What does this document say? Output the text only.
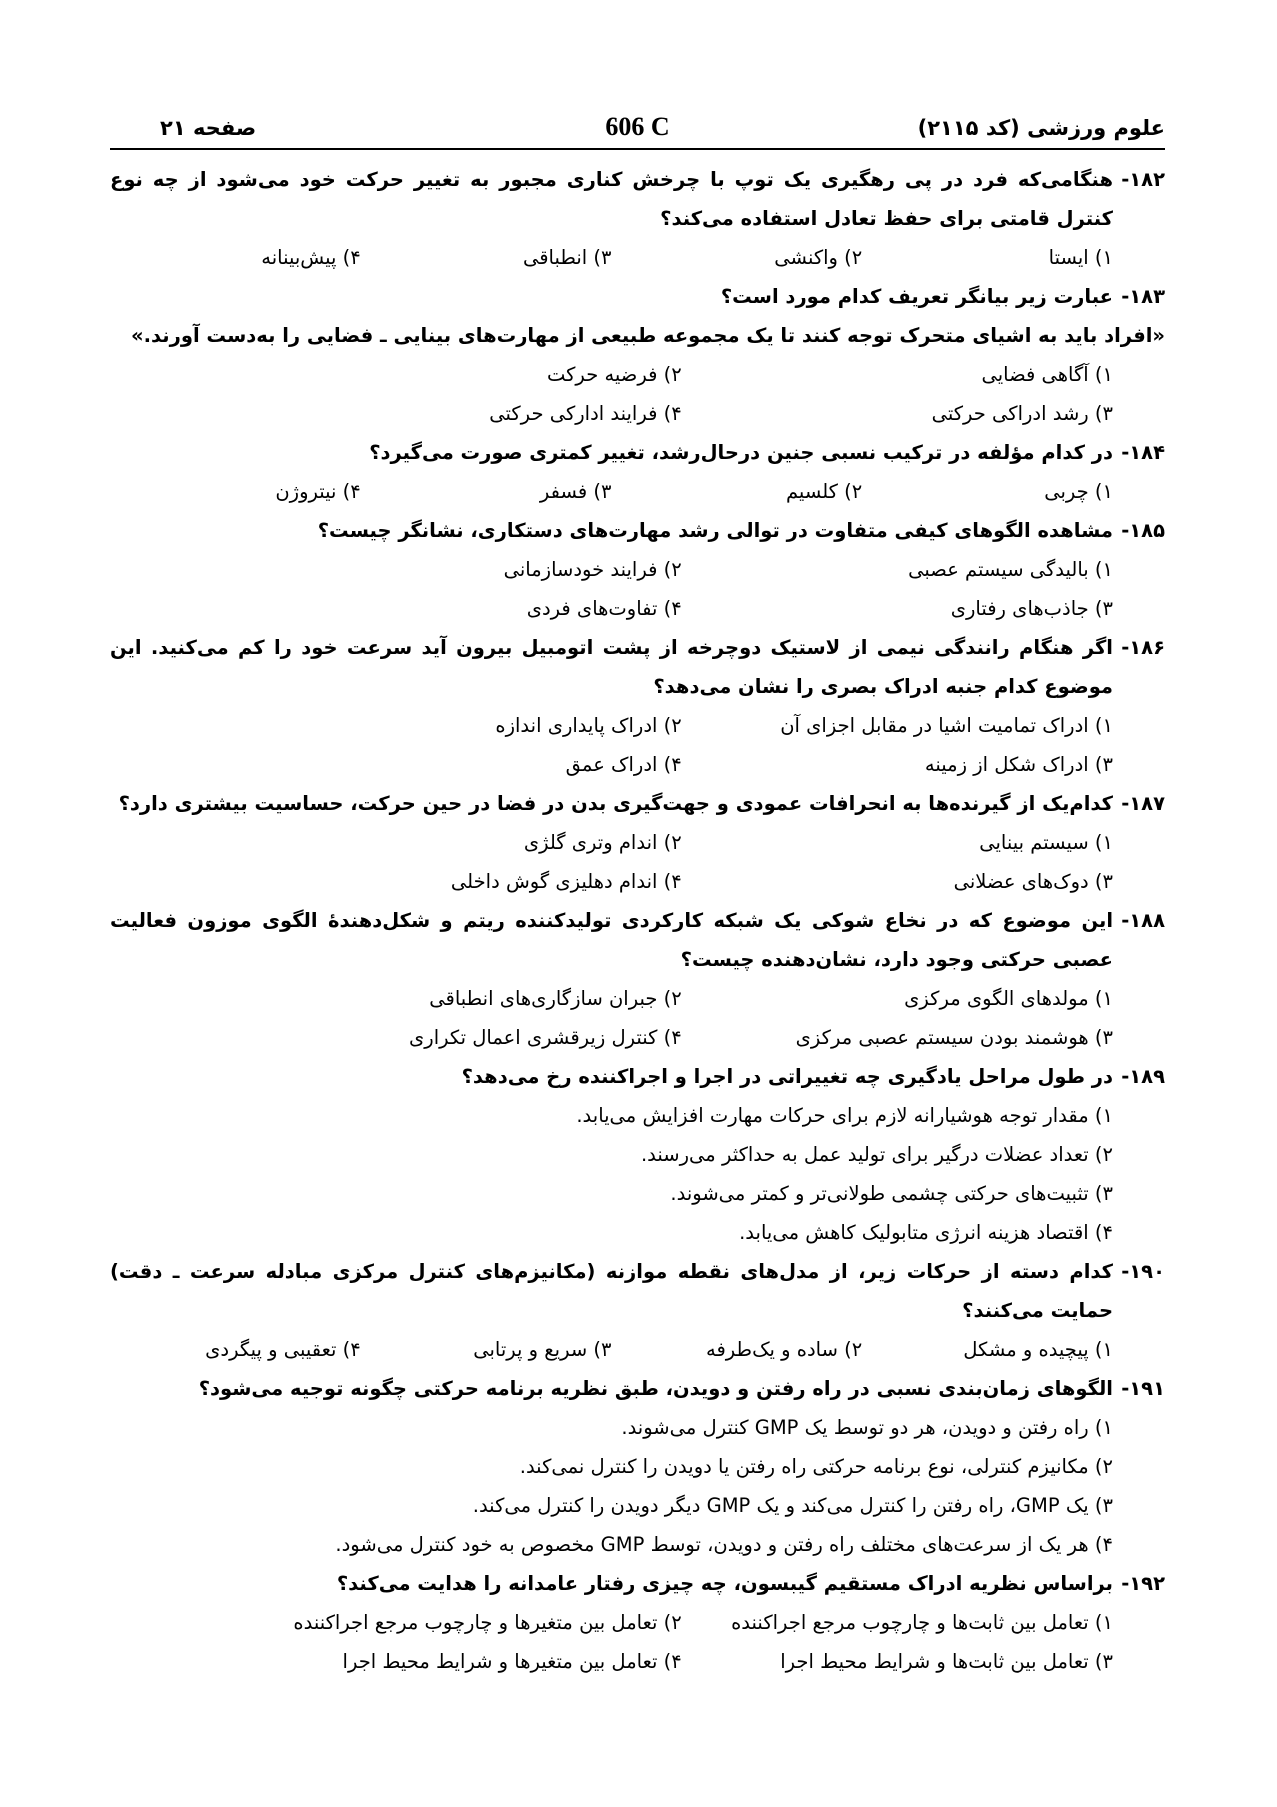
علوم ورزشی (کد ۲۱۱۵)
606 C
صفحه ۲۱
۱۸۲-
هنگامی‌که فرد در پی رهگیری یک توپ با چرخش کناری مجبور به تغییر حرکت خود می‌شود از چه نوع کنترل قامتی برای حفظ تعادل استفاده می‌کند؟
۱) ایستا
۲) واکنشی
۳) انطباقی
۴) پیش‌بینانه
۱۸۳-
عبارت زیر بیانگر تعریف کدام مورد است؟
«افراد باید به اشیای متحرک توجه کنند تا یک مجموعه طبیعی از مهارت‌های بینایی ـ فضایی را به‌دست آورند.»
۱) آگاهی فضایی
۲) فرضیه حرکت
۳) رشد ادراکی حرکتی
۴) فرایند ادارکی حرکتی
۱۸۴-
در کدام مؤلفه در ترکیب نسبی جنین درحال‌رشد، تغییر کمتری صورت می‌گیرد؟
۱) چربی
۲) کلسیم
۳) فسفر
۴) نیتروژن
۱۸۵-
مشاهده الگوهای کیفی متفاوت در توالی رشد مهارت‌های دستکاری، نشانگر چیست؟
۱) بالیدگی سیستم عصبی
۲) فرایند خودسازمانی
۳) جاذب‌های رفتاری
۴) تفاوت‌های فردی
۱۸۶-
اگر هنگام رانندگی نیمی از لاستیک دوچرخه از پشت اتومبیل بیرون آید سرعت خود را کم می‌کنید. این موضوع کدام جنبه ادراک بصری را نشان می‌دهد؟
۱) ادراک تمامیت اشیا در مقابل اجزای آن
۲) ادراک پایداری اندازه
۳) ادراک شکل از زمینه
۴) ادراک عمق
۱۸۷-
کدام‌یک از گیرنده‌ها به انحرافات عمودی و جهت‌گیری بدن در فضا در حین حرکت، حساسیت بیشتری دارد؟
۱) سیستم بینایی
۲) اندام وتری گلژی
۳) دوک‌های عضلانی
۴) اندام دهلیزی گوش داخلی
۱۸۸-
این موضوع که در نخاع شوکی یک شبکه کارکردی تولیدکننده ریتم و شکل‌دهندهٔ الگوی موزون فعالیت عصبی حرکتی وجود دارد، نشان‌دهنده چیست؟
۱) مولدهای الگوی مرکزی
۲) جبران سازگاری‌های انطباقی
۳) هوشمند بودن سیستم عصبی مرکزی
۴) کنترل زیرقشری اعمال تکراری
۱۸۹-
در طول مراحل یادگیری چه تغییراتی در اجرا و اجراکننده رخ می‌دهد؟
۱) مقدار توجه هوشیارانه لازم برای حرکات مهارت افزایش می‌یابد.
۲) تعداد عضلات درگیر برای تولید عمل به حداکثر می‌رسند.
۳) تثبیت‌های حرکتی چشمی طولانی‌تر و کمتر می‌شوند.
۴) اقتصاد هزینه انرژی متابولیک کاهش می‌یابد.
۱۹۰-
کدام دسته از حرکات زیر، از مدل‌های نقطه موازنه (مکانیزم‌های کنترل مرکزی مبادله سرعت ـ دقت) حمایت می‌کنند؟
۱) پیچیده و مشکل
۲) ساده و یک‌طرفه
۳) سریع و پرتابی
۴) تعقیبی و پیگردی
۱۹۱-
الگوهای زمان‌بندی نسبی در راه رفتن و دویدن، طبق نظریه برنامه حرکتی چگونه توجیه می‌شود؟
۱) راه رفتن و دویدن، هر دو توسط یک GMP کنترل می‌شوند.
۲) مکانیزم کنترلی، نوع برنامه حرکتی راه رفتن یا دویدن را کنترل نمی‌کند.
۳) یک GMP، راه رفتن را کنترل می‌کند و یک GMP دیگر دویدن را کنترل می‌کند.
۴) هر یک از سرعت‌های مختلف راه رفتن و دویدن، توسط GMP مخصوص به خود کنترل می‌شود.
۱۹۲-
براساس نظریه ادراک مستقیم گیبسون، چه چیزی رفتار عامدانه را هدایت می‌کند؟
۱) تعامل بین ثابت‌ها و چارچوب مرجع اجراکننده
۲) تعامل بین متغیرها و چارچوب مرجع اجراکننده
۳) تعامل بین ثابت‌ها و شرایط محیط اجرا
۴) تعامل بین متغیرها و شرایط محیط اجرا
